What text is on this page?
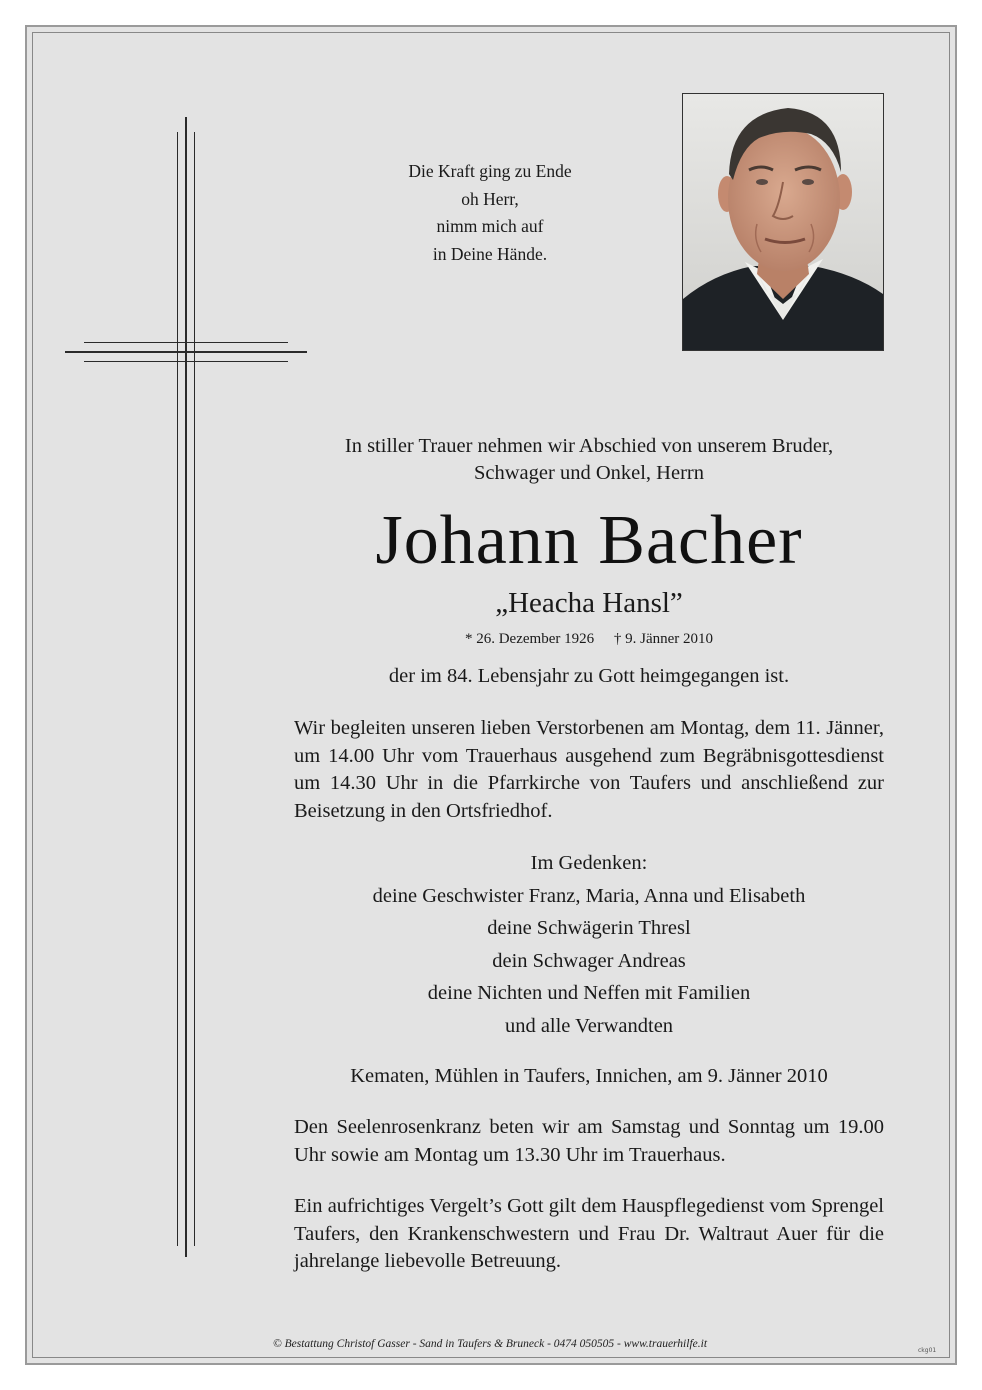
Die Kraft ging zu Ende
oh Herr,
nimm mich auf
in Deine Hände.
In stiller Trauer nehmen wir Abschied von unserem Bruder,
Schwager und Onkel, Herrn
Johann Bacher
„Heacha Hansl”
* 26. Dezember 1926 † 9. Jänner 2010
der im 84. Lebensjahr zu Gott heimgegangen ist.
Wir begleiten unseren lieben Verstorbenen am Montag, dem 11. Jänner, um 14.00 Uhr vom Trauerhaus ausgehend zum Begräbnisgottesdienst um 14.30 Uhr in die Pfarrkirche von Taufers und anschließend zur Beisetzung in den Ortsfriedhof.
Im Gedenken:
deine Geschwister Franz, Maria, Anna und Elisabeth
deine Schwägerin Thresl
dein Schwager Andreas
deine Nichten und Neffen mit Familien
und alle Verwandten
Kematen, Mühlen in Taufers, Innichen, am 9. Jänner 2010
Den Seelenrosenkranz beten wir am Samstag und Sonntag um 19.00 Uhr sowie am Montag um 13.30 Uhr im Trauerhaus.
Ein aufrichtiges Vergelt’s Gott gilt dem Hauspflegedienst vom Sprengel Taufers, den Krankenschwestern und Frau Dr. Waltraut Auer für die jahrelange liebevolle Betreuung.
© Bestattung Christof Gasser - Sand in Taufers & Bruneck - 0474 050505 - www.trauerhilfe.it
ckg01
